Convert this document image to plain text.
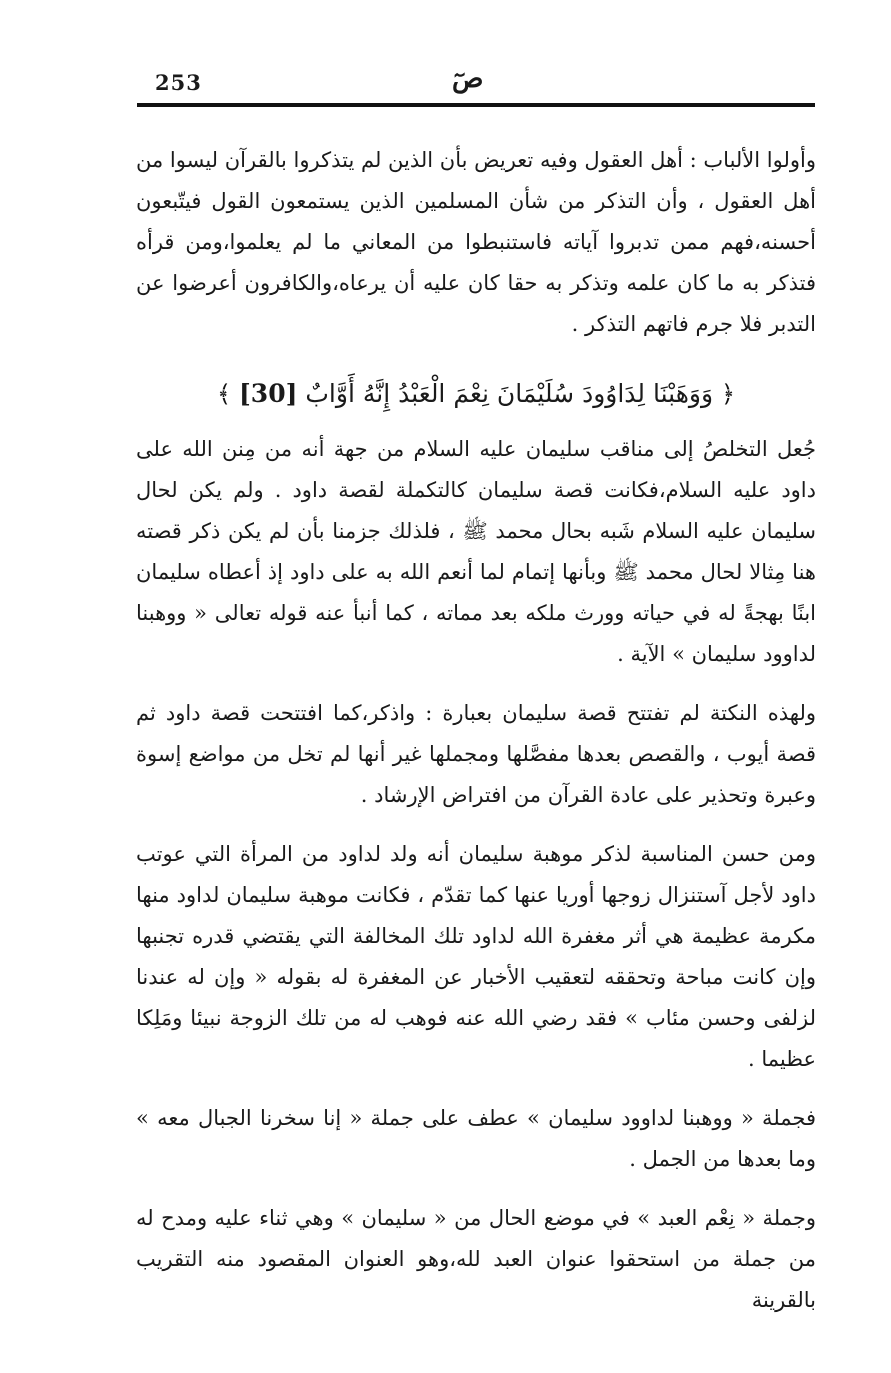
253	صٓ

وأولوا الألباب : أهل العقول وفيه تعريض بأن الذين لم يتذكروا بالقرآن ليسوا من أهل العقول ، وأن التذكر من شأن المسلمين الذين يستمعون القول فيتّبعون أحسنه،فهم ممن تدبروا آياته فاستنبطوا من المعاني ما لم يعلموا،ومن قرأه فتذكر به ما كان علمه وتذكر به حقا كان عليه أن يرعاه،والكافرون أعرضوا عن التدبر فلا جرم فاتهم التذكر .

﴿ وَوَهَبْنَا لِدَاوُودَ سُلَيْمَانَ نِعْمَ الْعَبْدُ إِنَّهُ أَوَّابٌ [30] ﴾

جُعل التخلصُ إلى مناقب سليمان عليه السلام من جهة أنه من مِنن الله على داود عليه السلام،فكانت قصة سليمان كالتكملة لقصة داود . ولم يكن لحال سليمان عليه السلام شَبه بحال محمد ﷺ ، فلذلك جزمنا بأن لم يكن ذكر قصته هنا مِثالا لحال محمد ﷺ وبأنها إتمام لما أنعم الله به على داود إذ أعطاه سليمان ابنًا بهجةً له في حياته وورث ملكه بعد مماته ، كما أنبأ عنه قوله تعالى « ووهبنا لداوود سليمان » الآية .

ولهذه النكتة لم تفتتح قصة سليمان بعبارة : واذكر،كما افتتحت قصة داود ثم قصة أيوب ، والقصص بعدها مفصَّلها ومجملها غير أنها لم تخل من مواضع إسوة وعبرة وتحذير على عادة القرآن من افتراض الإرشاد .

ومن حسن المناسبة لذكر موهبة سليمان أنه ولد لداود من المرأة التي عوتب داود لأجل آستنزال زوجها أوريا عنها كما تقدّم ، فكانت موهبة سليمان لداود منها مكرمة عظيمة هي أثر مغفرة الله لداود تلك المخالفة التي يقتضي قدره تجنبها وإن كانت مباحة وتحققه لتعقيب الأخبار عن المغفرة له بقوله « وإن له عندنا لزلفى وحسن مئاب » فقد رضي الله عنه فوهب له من تلك الزوجة نبيئا ومَلِكا عظيما .

فجملة « ووهبنا لداوود سليمان » عطف على جملة « إنا سخرنا الجبال معه » وما بعدها من الجمل .

وجملة « نِعْم العبد » في موضع الحال من « سليمان » وهي ثناء عليه ومدح له من جملة من استحقوا عنوان العبد لله،وهو العنوان المقصود منه التقريب بالقرينة
